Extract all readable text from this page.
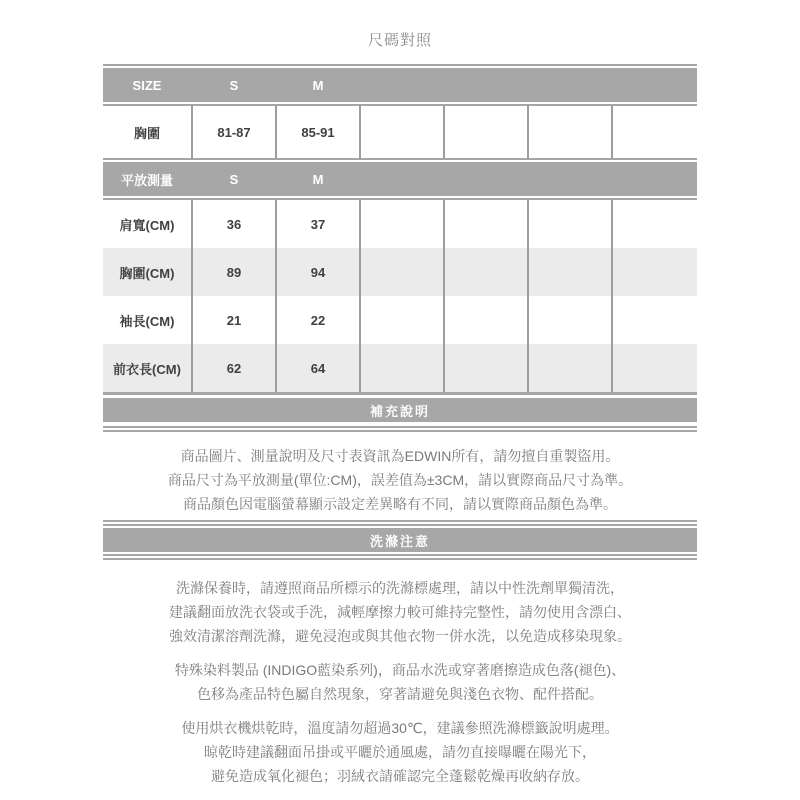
尺碼對照
SIZE	S	M
胸圍	81-87	85-91
平放測量	S	M
肩寬(CM)	36	37
胸圍(CM)	89	94
袖長(CM)	21	22
前衣長(CM)	62	64
補充說明
商品圖片、測量說明及尺寸表資訊為EDWIN所有，請勿擅自重製盜用。
商品尺寸為平放測量(單位:CM)，誤差值為±3CM，請以實際商品尺寸為準。
商品顏色因電腦螢幕顯示設定差異略有不同，請以實際商品顏色為準。
洗滌注意
洗滌保養時，請遵照商品所標示的洗滌標處理，請以中性洗劑單獨清洗，
建議翻面放洗衣袋或手洗，減輕摩擦力較可維持完整性，請勿使用含漂白、
強效清潔溶劑洗滌，避免浸泡或與其他衣物一併水洗，以免造成移染現象。
特殊染料製品 (INDIGO藍染系列)，商品水洗或穿著磨擦造成色落(褪色)、
色移為產品特色屬自然現象，穿著請避免與淺色衣物、配件搭配。
使用烘衣機烘乾時，溫度請勿超過30℃，建議參照洗滌標籤說明處理。
晾乾時建議翻面吊掛或平曬於通風處，請勿直接曝曬在陽光下，
避免造成氧化褪色；羽絨衣請確認完全蓬鬆乾燥再收納存放。
